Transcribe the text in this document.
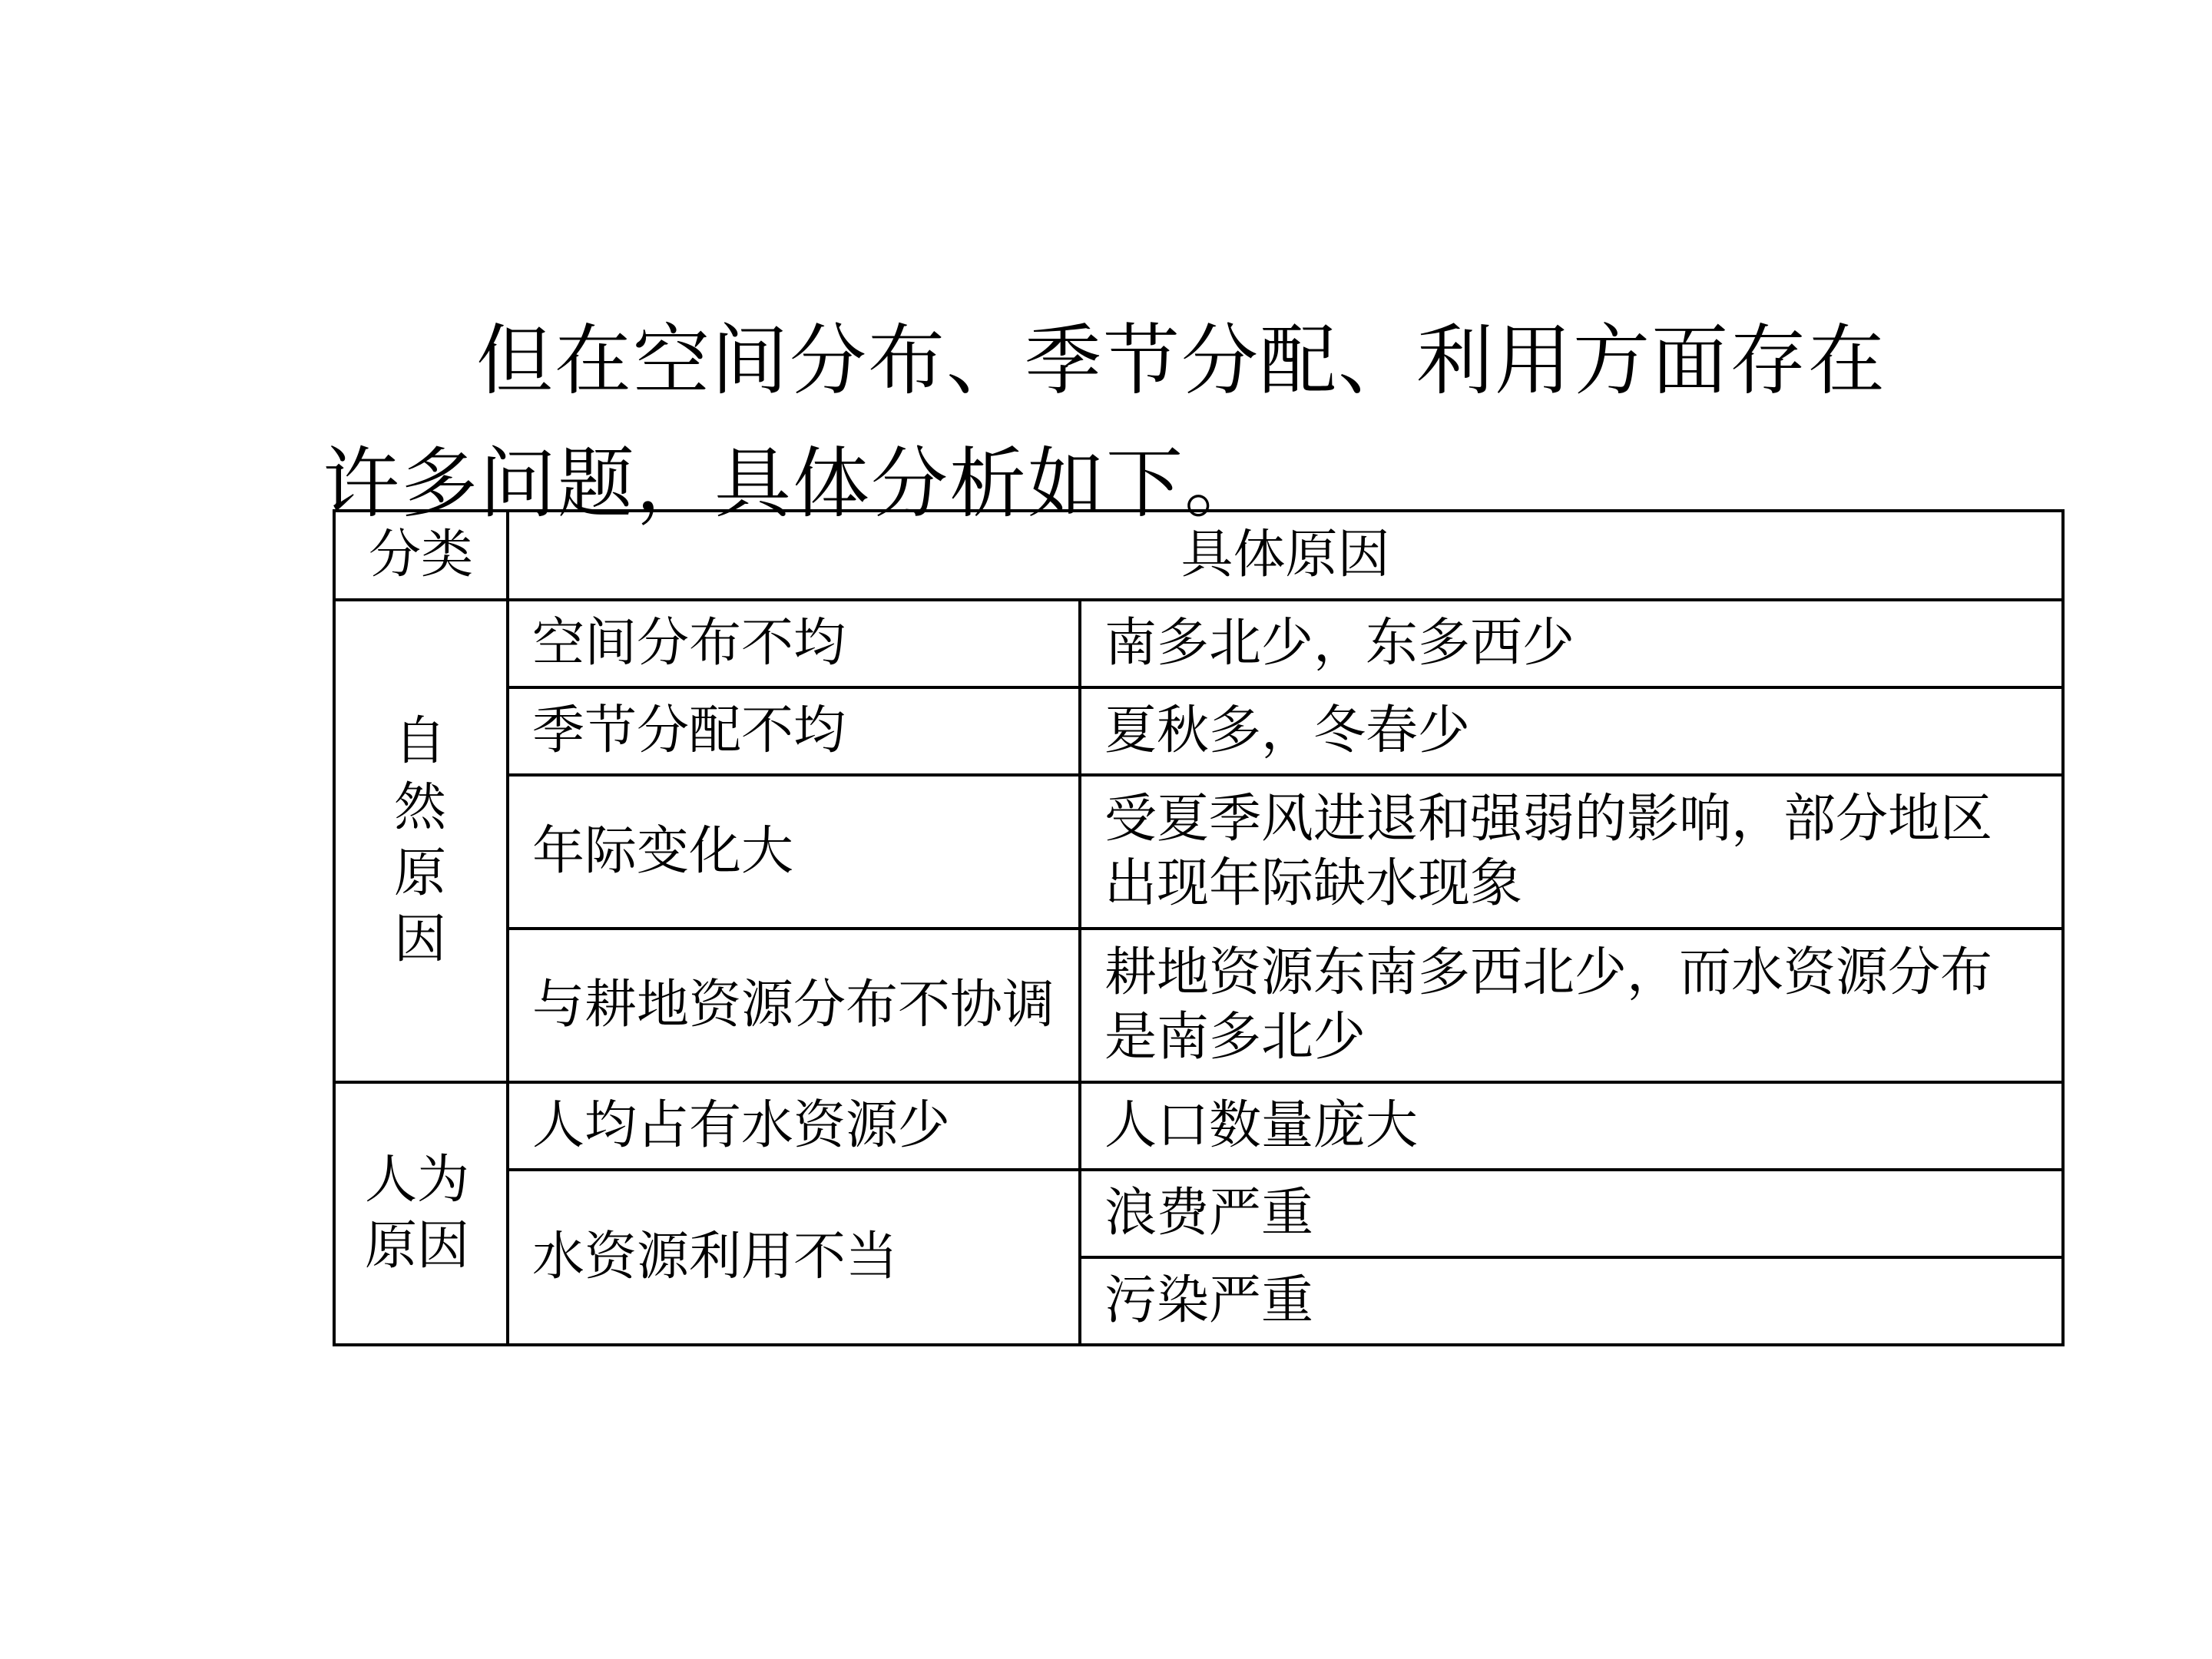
但在空间分布、季节分配、利用方面存在许多问题，具体分析如下。

分类	具体原因	
自然原因	空间分布不均	南多北少，东多西少
	季节分配不均	夏秋多，冬春少
	年际变化大	受夏季风进退和强弱的影响，部分地区出现年际缺水现象
	与耕地资源分布不协调	耕地资源东南多西北少，而水资源分布是南多北少
人为原因	人均占有水资源少	人口数量庞大
	水资源利用不当	浪费严重
		污染严重
